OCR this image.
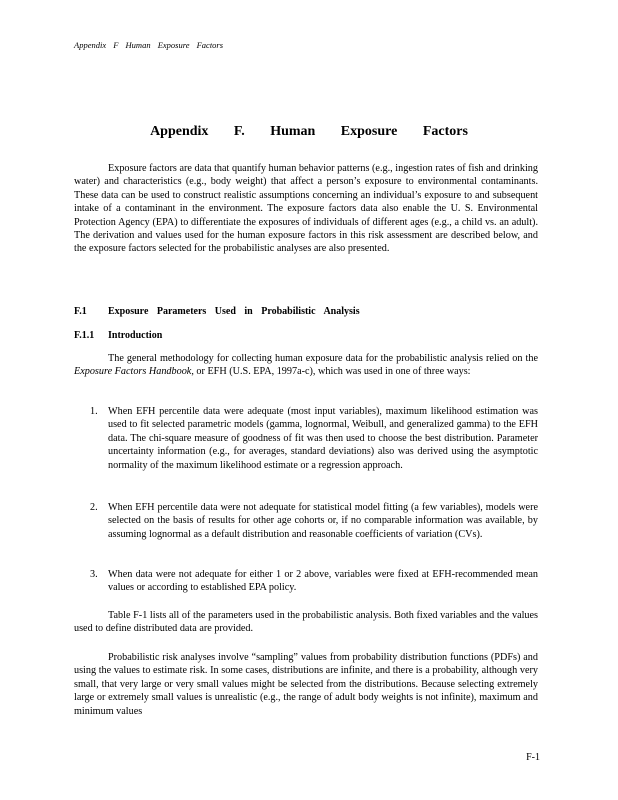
Appendix F Human Exposure Factors
Appendix F. Human Exposure Factors

Exposure factors are data that quantify human behavior patterns (e.g., ingestion rates of fish and drinking water) and characteristics (e.g., body weight) that affect a person’s exposure to environmental contaminants. These data can be used to construct realistic assumptions concerning an individual’s exposure to and subsequent intake of a contaminant in the environment. The exposure factors data also enable the U. S. Environmental Protection Agency (EPA) to differentiate the exposures of individuals of different ages (e.g., a child vs. an adult). The derivation and values used for the human exposure factors in this risk assessment are described below, and the exposure factors selected for the probabilistic analyses are also presented.

F.1 Exposure Parameters Used in Probabilistic Analysis
F.1.1 Introduction

The general methodology for collecting human exposure data for the probabilistic analysis relied on the Exposure Factors Handbook, or EFH (U.S. EPA, 1997a-c), which was used in one of three ways:

1. When EFH percentile data were adequate (most input variables), maximum likelihood estimation was used to fit selected parametric models (gamma, lognormal, Weibull, and generalized gamma) to the EFH data. The chi-square measure of goodness of fit was then used to choose the best distribution. Parameter uncertainty information (e.g., for averages, standard deviations) also was derived using the asymptotic normality of the maximum likelihood estimate or a regression approach.
2. When EFH percentile data were not adequate for statistical model fitting (a few variables), models were selected on the basis of results for other age cohorts or, if no comparable information was available, by assuming lognormal as a default distribution and reasonable coefficients of variation (CVs).
3. When data were not adequate for either 1 or 2 above, variables were fixed at EFH-recommended mean values or according to established EPA policy.

Table F-1 lists all of the parameters used in the probabilistic analysis. Both fixed variables and the values used to define distributed data are provided.

Probabilistic risk analyses involve “sampling” values from probability distribution functions (PDFs) and using the values to estimate risk. In some cases, distributions are infinite, and there is a probability, although very small, that very large or very small values might be selected from the distributions. Because selecting extremely large or extremely small values is unrealistic (e.g., the range of adult body weights is not infinite), maximum and minimum values

F-1
